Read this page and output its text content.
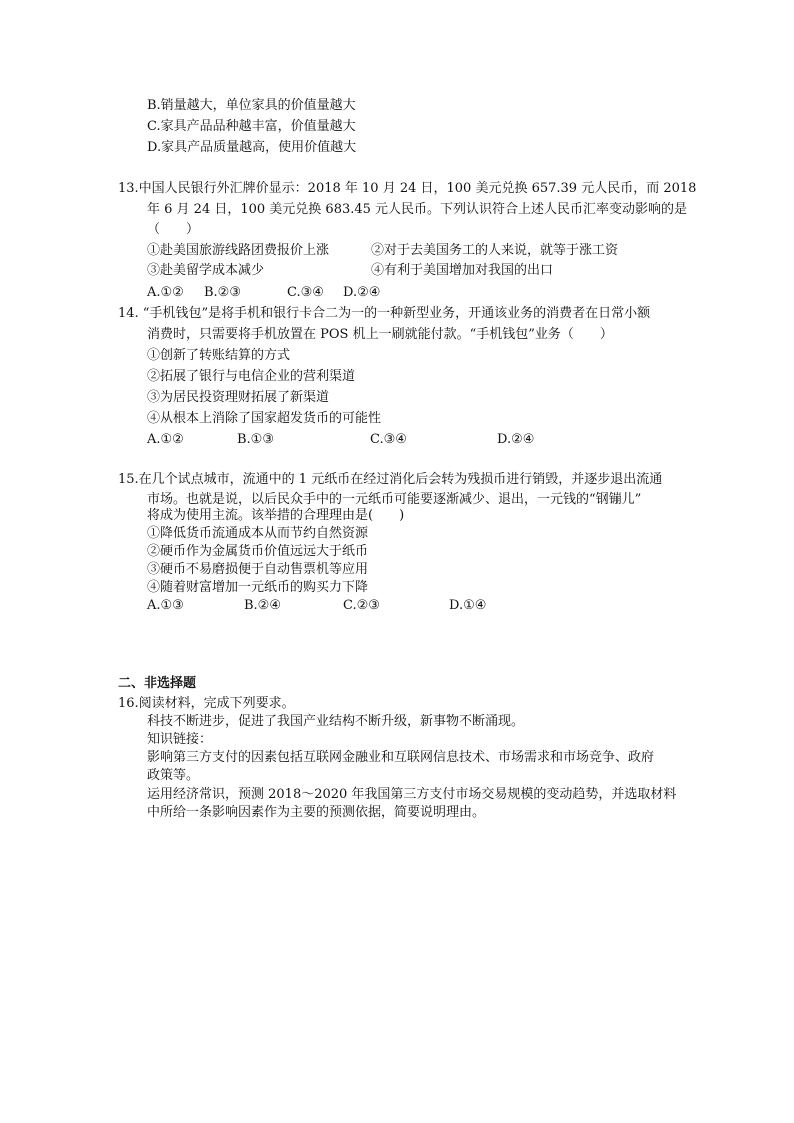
B.销量越大，单位家具的价值量越大
C.家具产品品种越丰富，价值量越大
D.家具产品质量越高，使用价值越大
13.中国人民银行外汇牌价显示：2018 年 10 月 24 日，100 美元兑换 657.39 元人民币，而 2018
年 6 月 24 日，100 美元兑换 683.45 元人民币。下列认识符合上述人民币汇率变动影响的是
（　　）
①赴美国旅游线路团费报价上涨	②对于去美国务工的人来说，就等于涨工资
③赴美留学成本减少	④有利于美国增加对我国的出口
A.①② B.②③	C.③④ D.②④
14. “手机钱包”是将手机和银行卡合二为一的一种新型业务，开通该业务的消费者在日常小额
消费时，只需要将手机放置在 POS 机上一刷就能付款。“手机钱包”业务（　　）
①创新了转账结算的方式
②拓展了银行与电信企业的营利渠道
③为居民投资理财拓展了新渠道
④从根本上消除了国家超发货币的可能性
A.①②	B.①③	C.③④	D.②④
15.在几个试点城市，流通中的 1 元纸币在经过消化后会转为残损币进行销毁，并逐步退出流通
市场。也就是说，以后民众手中的一元纸币可能要逐渐减少、退出，一元钱的“钢镚儿”
将成为使用主流。该举措的合理理由是(　　)
①降低货币流通成本从而节约自然资源
②硬币作为金属货币价值远远大于纸币
③硬币不易磨损便于自动售票机等应用
④随着财富增加一元纸币的购买力下降
A.①③	B.②④	C.②③	D.①④
二、非选择题
16.阅读材料，完成下列要求。
科技不断进步，促进了我国产业结构不断升级，新事物不断涌现。
知识链接：
影响第三方支付的因素包括互联网金融业和互联网信息技术、市场需求和市场竞争、政府
政策等。
运用经济常识，预测 2018～2020 年我国第三方支付市场交易规模的变动趋势，并选取材料
中所给一条影响因素作为主要的预测依据，简要说明理由。
